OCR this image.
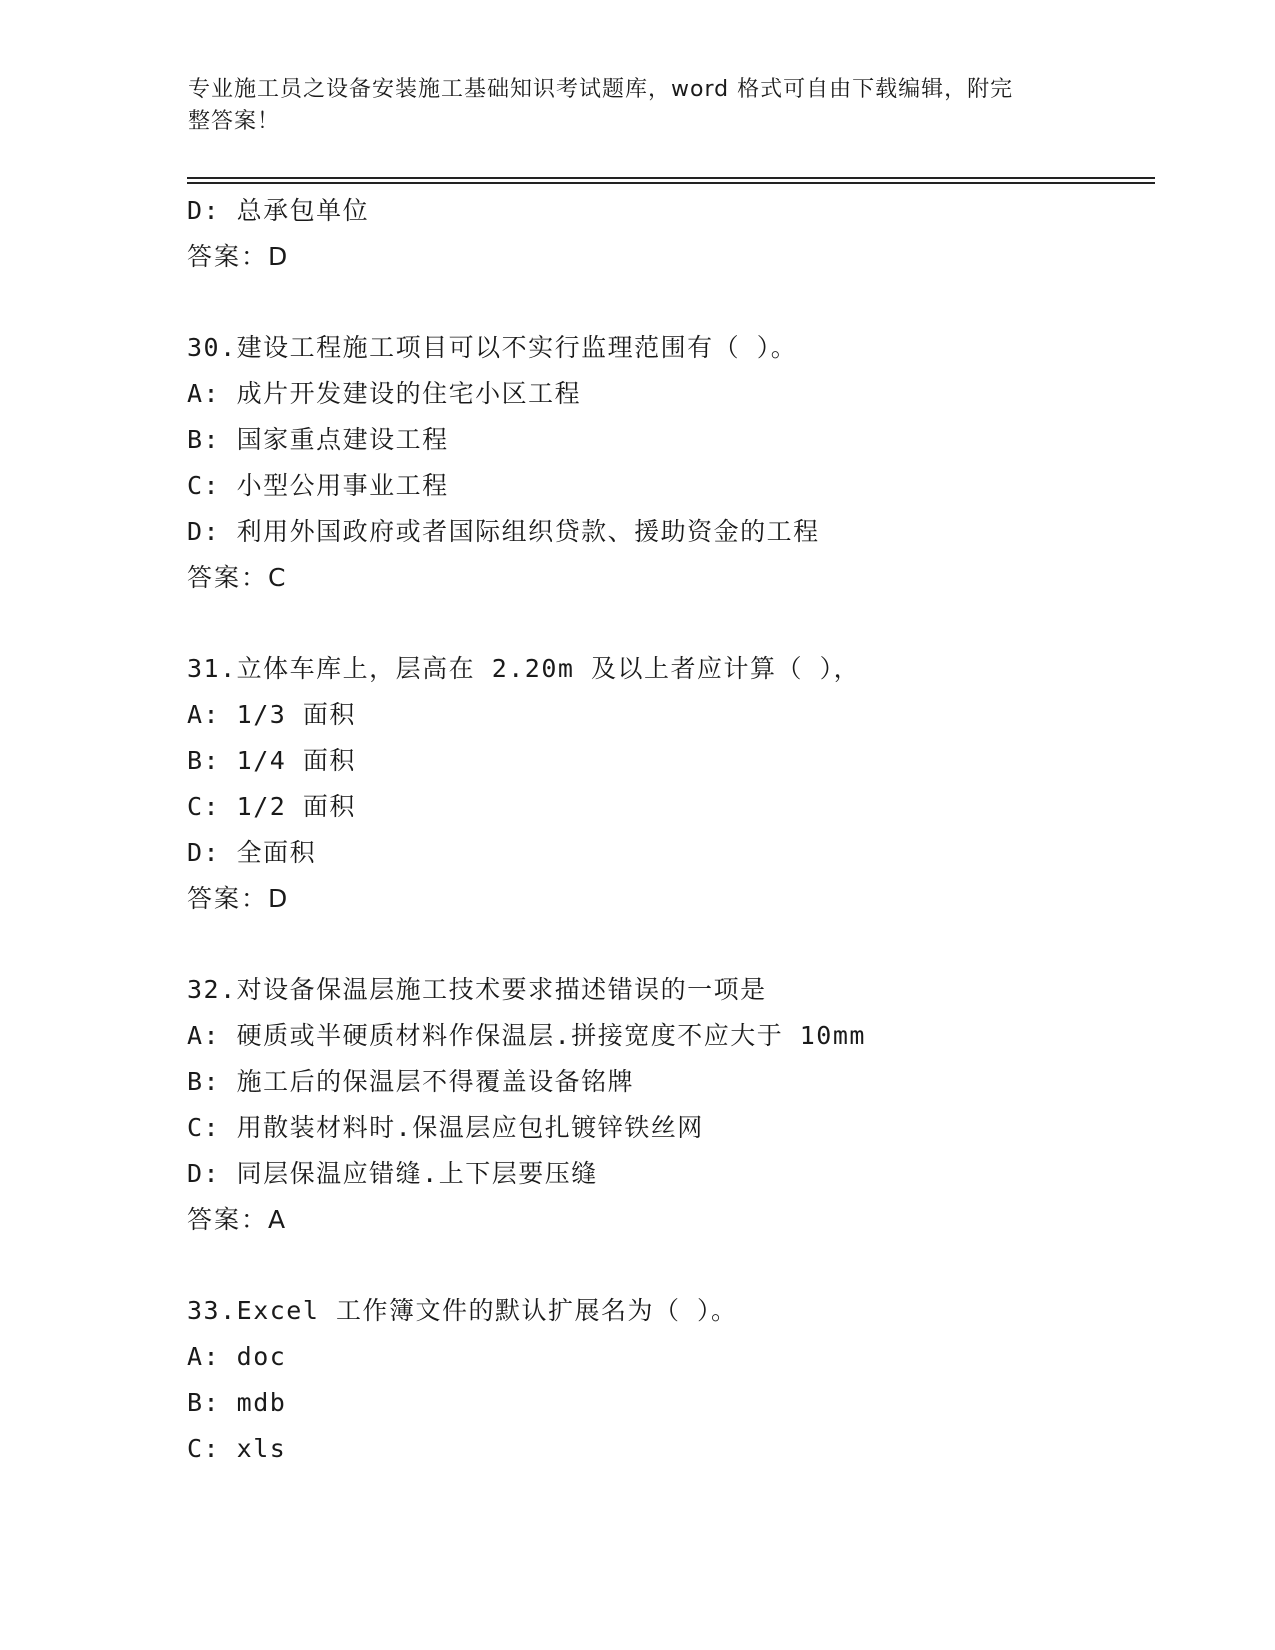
专业施工员之设备安装施工基础知识考试题库，word 格式可自由下载编辑，附完
整答案！
D: 总承包单位
答案：D
30.建设工程施工项目可以不实行监理范围有（ ）。
A: 成片开发建设的住宅小区工程
B: 国家重点建设工程
C: 小型公用事业工程
D: 利用外国政府或者国际组织贷款、援助资金的工程
答案：C
31.立体车库上，层高在 2.20m 及以上者应计算（ ），
A: 1/3 面积
B: 1/4 面积
C: 1/2 面积
D: 全面积
答案：D
32.对设备保温层施工技术要求描述错误的一项是
A: 硬质或半硬质材料作保温层.拼接宽度不应大于 10mm
B: 施工后的保温层不得覆盖设备铭牌
C: 用散装材料时.保温层应包扎镀锌铁丝网
D: 同层保温应错缝.上下层要压缝
答案：A
33.Excel 工作簿文件的默认扩展名为（ ）。
A: doc
B: mdb
C: xls
